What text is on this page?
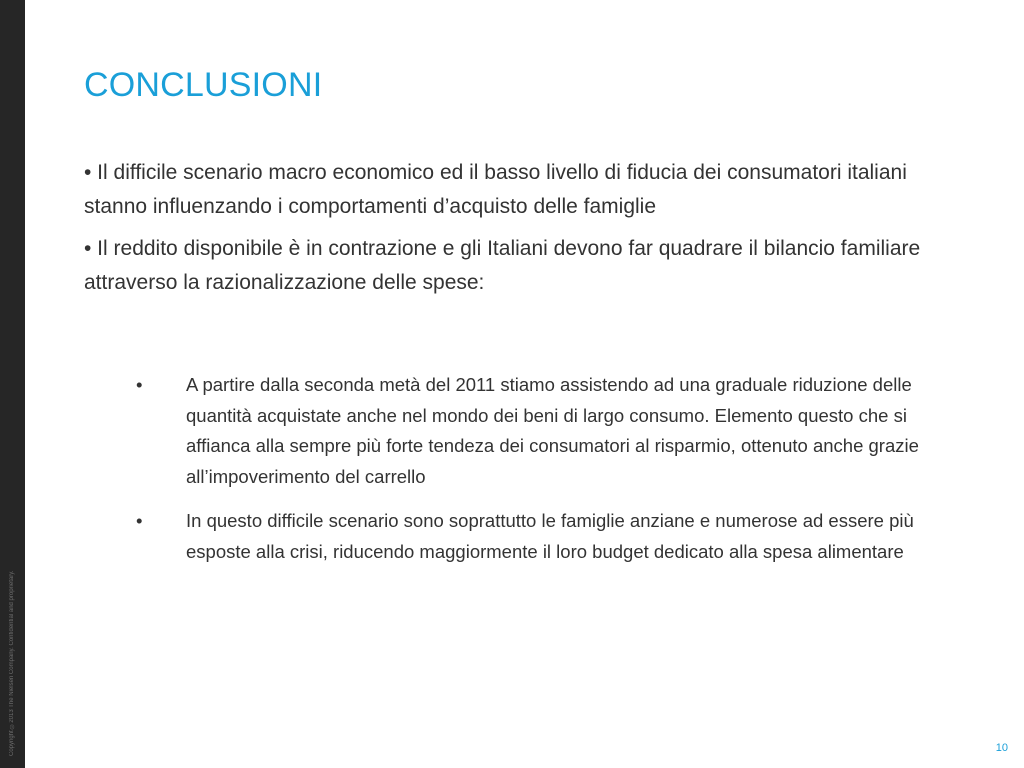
Copyright ©2013 The Nielsen Company. Confidential and proprietary.
CONCLUSIONI
• Il difficile scenario macro economico ed il basso livello di fiducia dei consumatori italiani stanno influenzando i comportamenti d’acquisto delle famiglie
• Il reddito disponibile è in contrazione e gli Italiani devono far quadrare il bilancio familiare attraverso la razionalizzazione delle spese:
• A partire dalla seconda metà del 2011 stiamo assistendo ad una graduale riduzione delle quantità acquistate anche nel mondo dei beni di largo consumo. Elemento questo che si affianca alla sempre più forte tendeza dei consumatori al risparmio, ottenuto anche grazie all’impoverimento del carrello
• In questo difficile scenario sono soprattutto le famiglie anziane e numerose ad essere più esposte alla crisi, riducendo maggiormente il loro budget dedicato alla spesa alimentare
10
